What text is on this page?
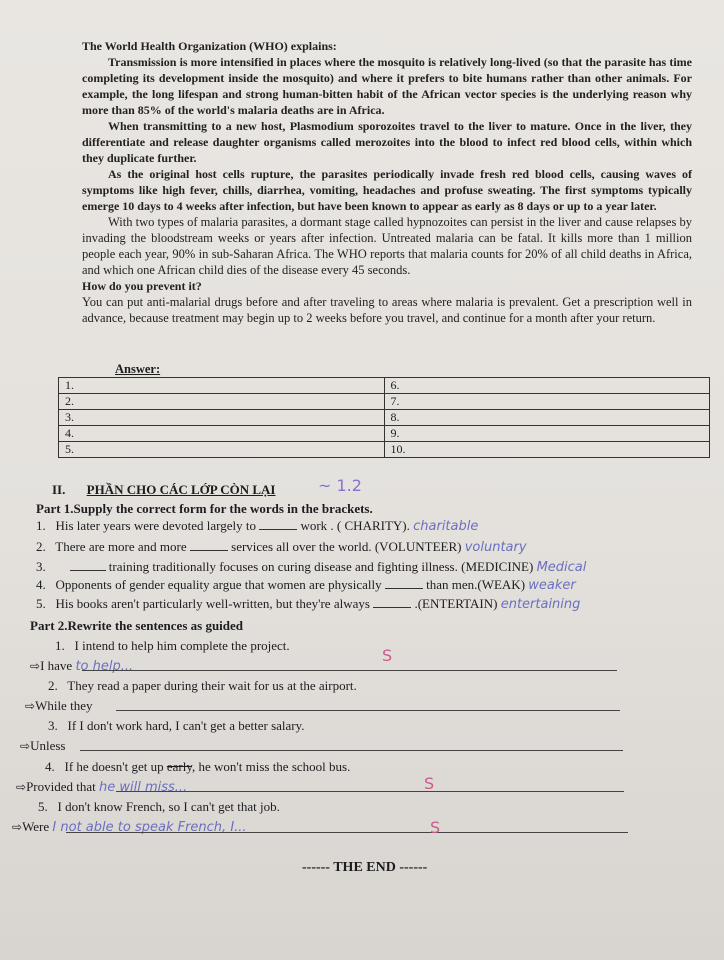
The World Health Organization (WHO) explains:

Transmission is more intensified in places where the mosquito is relatively long-lived (so that the parasite has time completing its development inside the mosquito) and where it prefers to bite humans rather than other animals. For example, the long lifespan and strong human-bitten habit of the African vector species is the underlying reason why more than 85% of the world's malaria deaths are in Africa.

When transmitting to a new host, Plasmodium sporozoites travel to the liver to mature. Once in the liver, they differentiate and release daughter organisms called merozoites into the blood to infect red blood cells, within which they duplicate further.

As the original host cells rupture, the parasites periodically invade fresh red blood cells, causing waves of symptoms like high fever, chills, diarrhea, vomiting, headaches and profuse sweating. The first symptoms typically emerge 10 days to 4 weeks after infection, but have been known to appear as early as 8 days or up to a year later.

With two types of malaria parasites, a dormant stage called hypnozoites can persist in the liver and cause relapses by invading the bloodstream weeks or years after infection. Untreated malaria can be fatal. It kills more than 1 million people each year, 90% in sub-Saharan Africa. The WHO reports that malaria counts for 20% of all child deaths in Africa, and which one African child dies of the disease every 45 seconds.

How do you prevent it?

You can put anti-malarial drugs before and after traveling to areas where malaria is prevalent. Get a prescription well in advance, because treatment may begin up to 2 weeks before you travel, and continue for a month after your return.

Answer:
1.	6.
2.	7.
3.	8.
4.	9.
5.	10.
II. PHẦN CHO CÁC LỚP CÒN LẠI	~ 1.2
Part 1.Supply the correct form for the words in the brackets.
1. His later years were devoted largely to	work . ( CHARITY). charitable
2. There are more and more	services all over the world. (VOLUNTEER) voluntary
3.	training traditionally focuses on curing disease and fighting illness. (MEDICINE) Medical
4. Opponents of gender equality argue that women are physically	than men.(WEAK) weaker
5. His books aren't particularly well-written, but they're always	.(ENTERTAIN) entertaining
Part 2.Rewrite the sentences as guided
1. I intend to help him complete the project.
⇨I have to help...
S
2. They read a paper during their wait for us at the airport.
⇨While they
3. If I don't work hard, I can't get a better salary.
⇨Unless
4. If he doesn't get up early, he won't miss the school bus.
⇨Provided that he will miss...	S
5. I don't know French, so I can't get that job.
⇨Were I not able to speak French, I...	S
------ THE END ------
